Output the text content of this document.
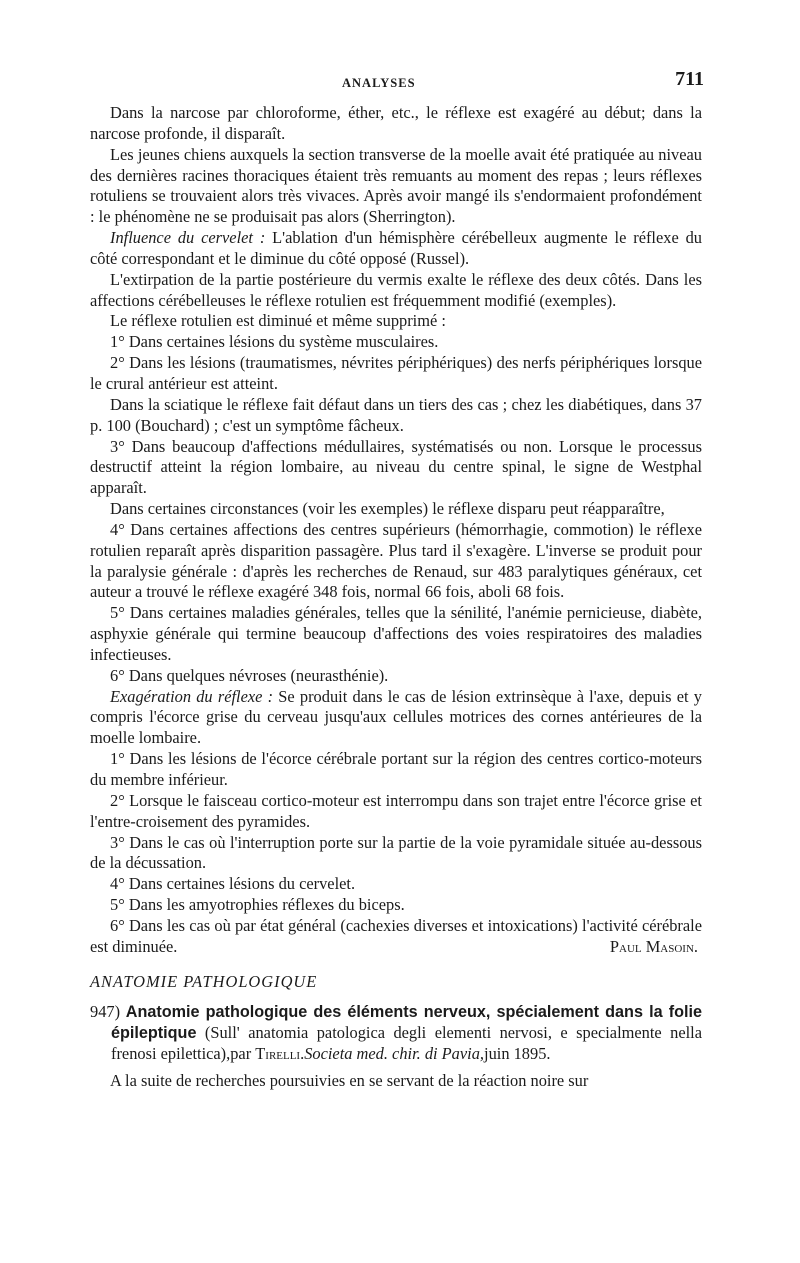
ANALYSES	711

Dans la narcose par chloroforme, éther, etc., le réflexe est exagéré au début; dans la narcose profonde, il disparaît.

Les jeunes chiens auxquels la section transverse de la moelle avait été pratiquée au niveau des dernières racines thoraciques étaient très remuants au moment des repas ; leurs réflexes rotuliens se trouvaient alors très vivaces. Après avoir mangé ils s'endormaient profondément : le phénomène ne se produisait pas alors (Sherrington).

Influence du cervelet : L'ablation d'un hémisphère cérébelleux augmente le réflexe du côté correspondant et le diminue du côté opposé (Russel).

L'extirpation de la partie postérieure du vermis exalte le réflexe des deux côtés. Dans les affections cérébelleuses le réflexe rotulien est fréquemment modifié (exemples).

Le réflexe rotulien est diminué et même supprimé :

1° Dans certaines lésions du système musculaires.

2° Dans les lésions (traumatismes, névrites périphériques) des nerfs périphériques lorsque le crural antérieur est atteint.

Dans la sciatique le réflexe fait défaut dans un tiers des cas ; chez les diabétiques, dans 37 p. 100 (Bouchard) ; c'est un symptôme fâcheux.

3° Dans beaucoup d'affections médullaires, systématisés ou non. Lorsque le processus destructif atteint la région lombaire, au niveau du centre spinal, le signe de Westphal apparaît.

Dans certaines circonstances (voir les exemples) le réflexe disparu peut réapparaître,

4° Dans certaines affections des centres supérieurs (hémorrhagie, commotion) le réflexe rotulien reparaît après disparition passagère. Plus tard il s'exagère. L'inverse se produit pour la paralysie générale : d'après les recherches de Renaud, sur 483 paralytiques généraux, cet auteur a trouvé le réflexe exagéré 348 fois, normal 66 fois, aboli 68 fois.

5° Dans certaines maladies générales, telles que la sénilité, l'anémie pernicieuse, diabète, asphyxie générale qui termine beaucoup d'affections des voies respiratoires des maladies infectieuses.

6° Dans quelques névroses (neurasthénie).

Exagération du réflexe : Se produit dans le cas de lésion extrinsèque à l'axe, depuis et y compris l'écorce grise du cerveau jusqu'aux cellules motrices des cornes antérieures de la moelle lombaire.

1° Dans les lésions de l'écorce cérébrale portant sur la région des centres cortico-moteurs du membre inférieur.

2° Lorsque le faisceau cortico-moteur est interrompu dans son trajet entre l'écorce grise et l'entre-croisement des pyramides.

3° Dans le cas où l'interruption porte sur la partie de la voie pyramidale située au-dessous de la décussation.

4° Dans certaines lésions du cervelet.

5° Dans les amyotrophies réflexes du biceps.

6° Dans les cas où par état général (cachexies diverses et intoxications) l'activité cérébrale est diminuée.	Paul Masoin.

ANATOMIE PATHOLOGIQUE

947) Anatomie pathologique des éléments nerveux, spécialement dans la folie épileptique (Sull' anatomia patologica degli elementi nervosi, e specialmente nella frenosi epilettica),par Tirelli.Societa med. chir. di Pavia,juin 1895.

A la suite de recherches poursuivies en se servant de la réaction noire sur
